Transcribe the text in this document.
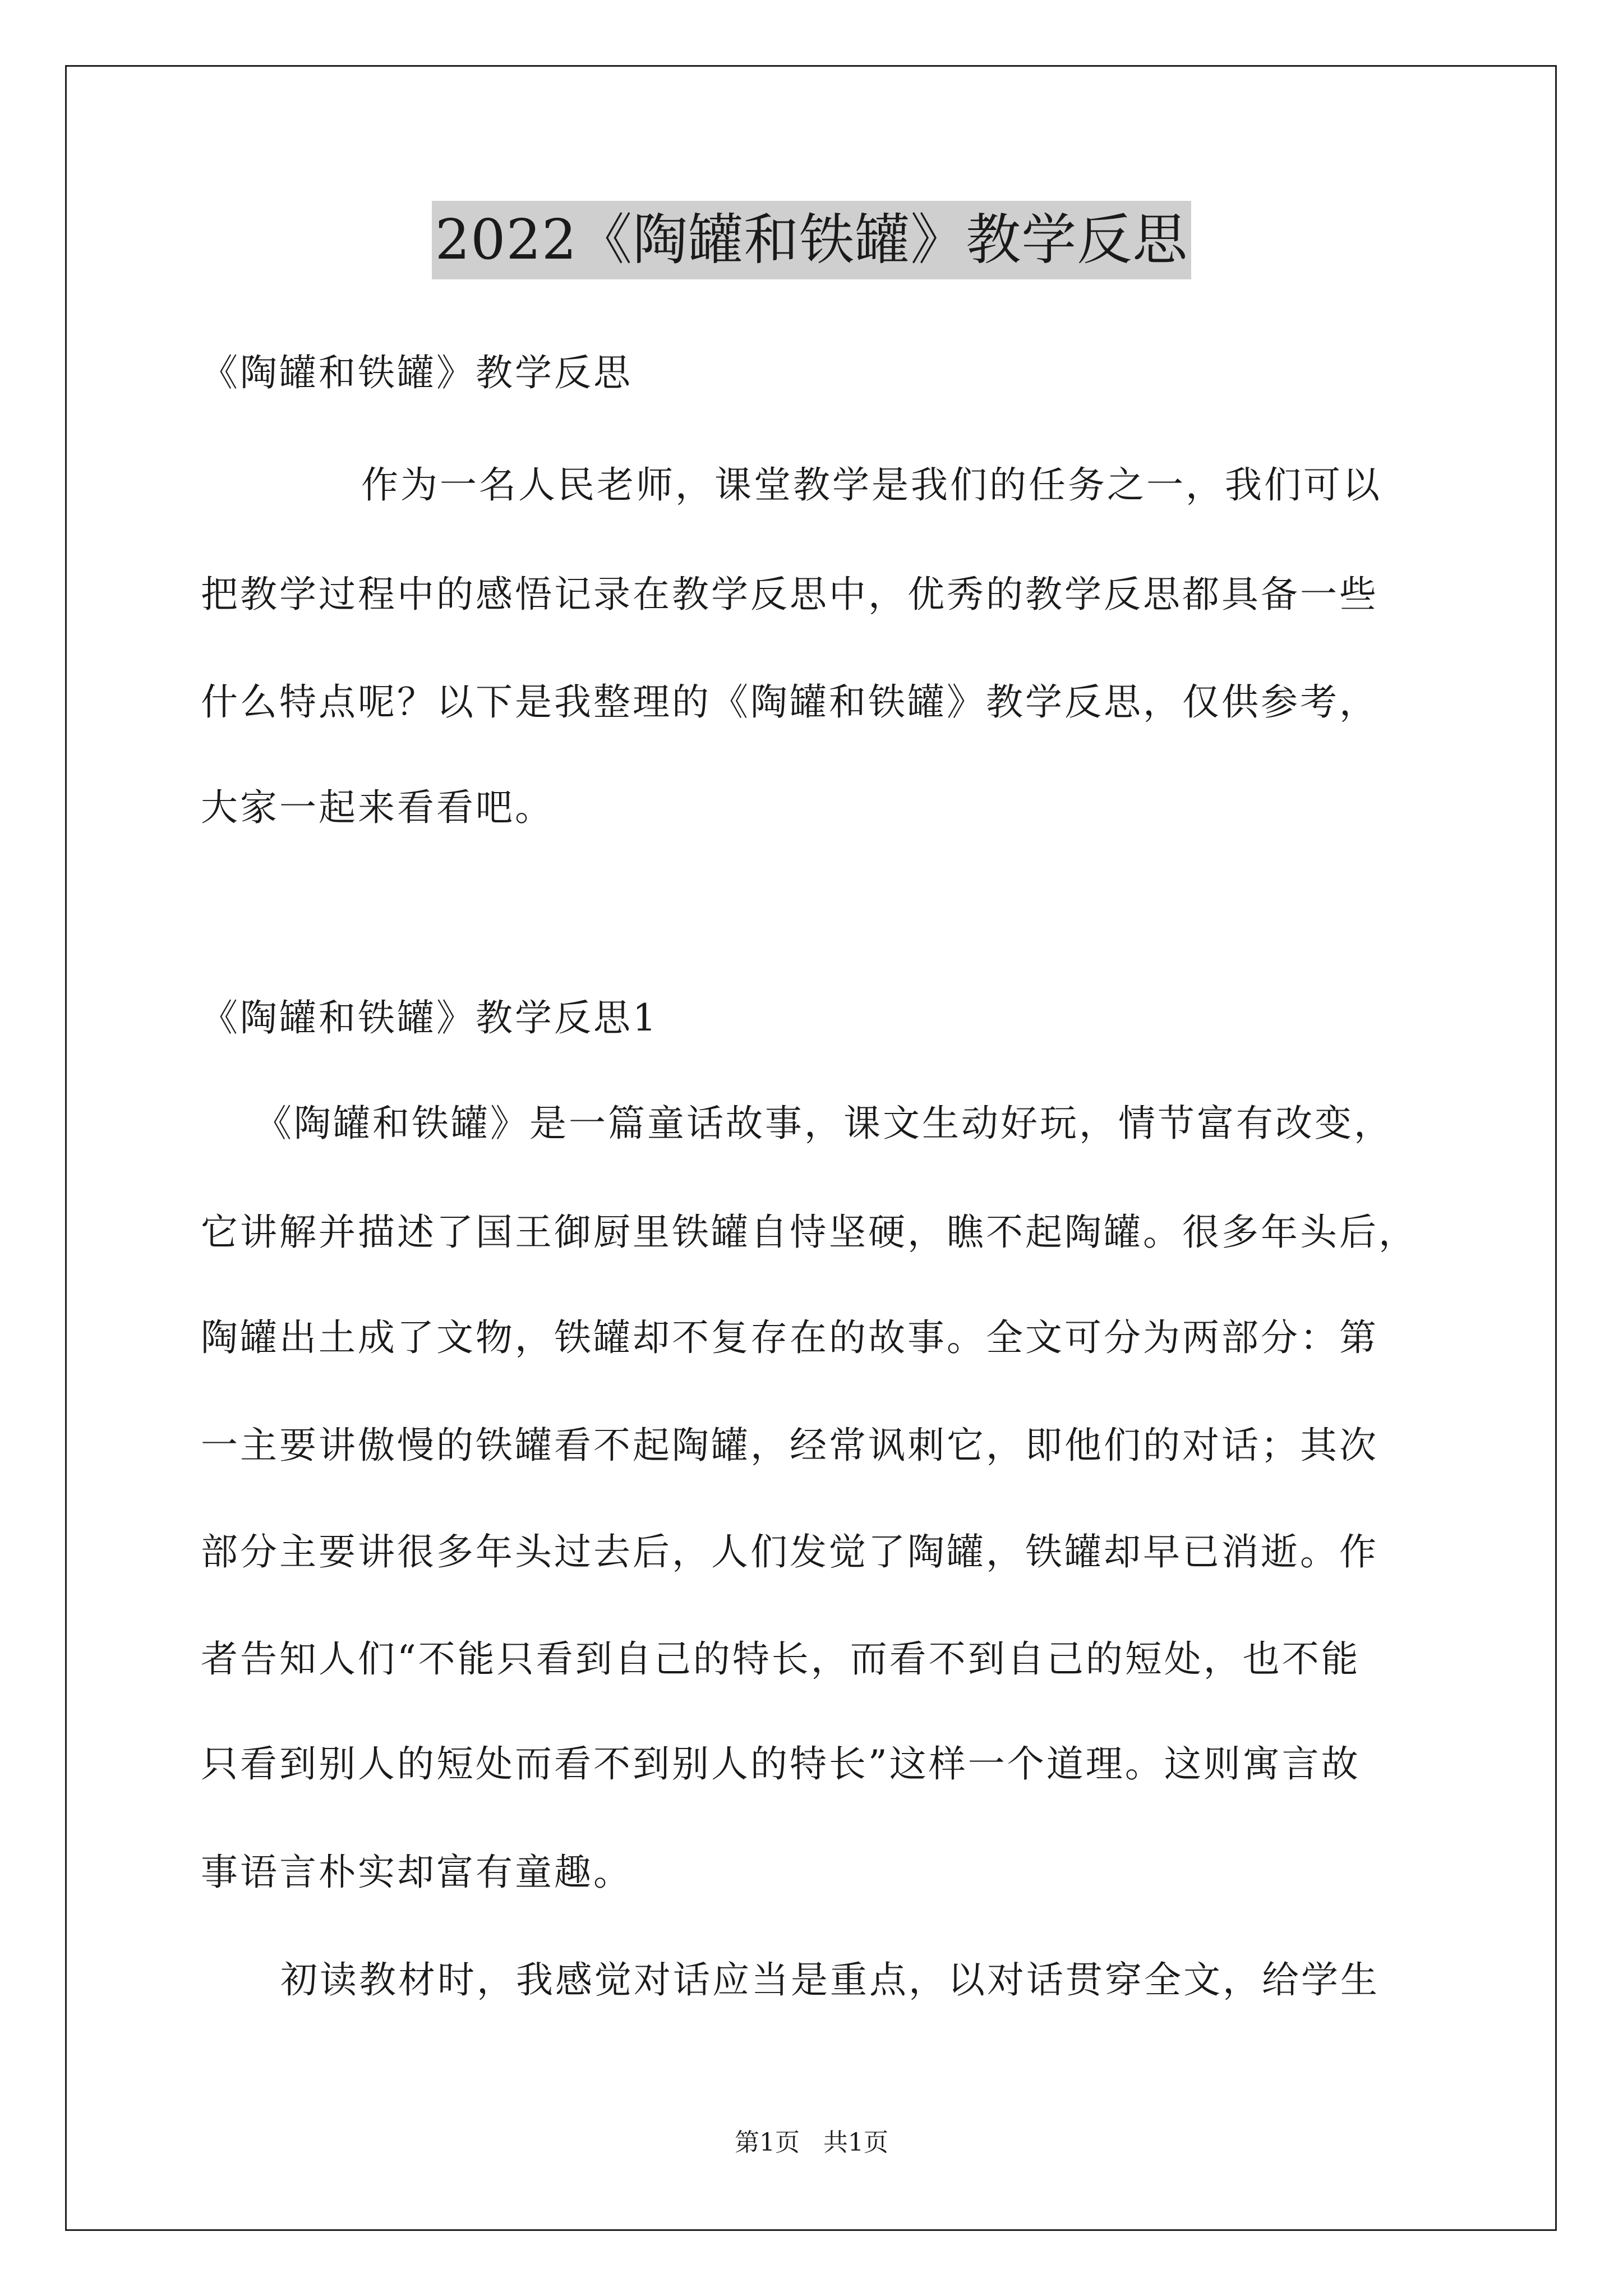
2022《陶罐和铁罐》教学反思
《陶罐和铁罐》教学反思
作为一名人民老师，课堂教学是我们的任务之一，我们可以
把教学过程中的感悟记录在教学反思中，优秀的教学反思都具备一些
什么特点呢？以下是我整理的《陶罐和铁罐》教学反思，仅供参考，
大家一起来看看吧。
《陶罐和铁罐》教学反思1
《陶罐和铁罐》是一篇童话故事，课文生动好玩，情节富有改变，
它讲解并描述了国王御厨里铁罐自恃坚硬，瞧不起陶罐。很多年头后，
陶罐出土成了文物，铁罐却不复存在的故事。全文可分为两部分：第
一主要讲傲慢的铁罐看不起陶罐，经常讽刺它，即他们的对话；其次
部分主要讲很多年头过去后，人们发觉了陶罐，铁罐却早已消逝。作
者告知人们“不能只看到自己的特长，而看不到自己的短处，也不能
只看到别人的短处而看不到别人的特长”这样一个道理。这则寓言故
事语言朴实却富有童趣。
初读教材时，我感觉对话应当是重点，以对话贯穿全文，给学生
第1页   共1页
